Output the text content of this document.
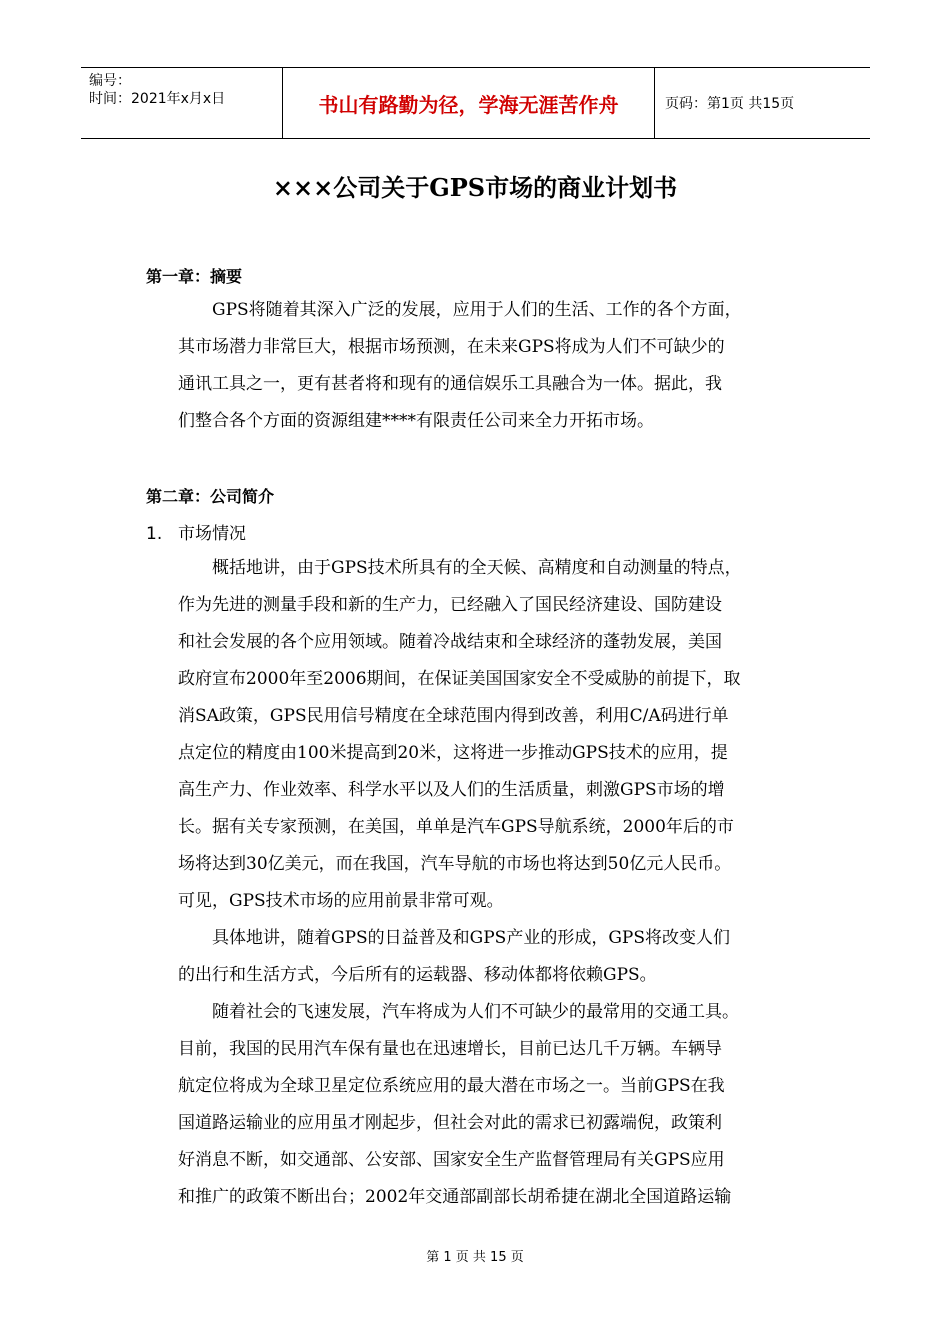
编号：
时间：2021年x月x日	书山有路勤为径，学海无涯苦作舟	页码：第1页 共15页
×××公司关于GPS市场的商业计划书
第一章：摘要
GPS将随着其深入广泛的发展，应用于人们的生活、工作的各个方面，
其市场潜力非常巨大，根据市场预测，在未来GPS将成为人们不可缺少的
通讯工具之一，更有甚者将和现有的通信娱乐工具融合为一体。据此，我
们整合各个方面的资源组建****有限责任公司来全力开拓市场。
第二章：公司简介
1. 市场情况
概括地讲，由于GPS技术所具有的全天候、高精度和自动测量的特点，
作为先进的测量手段和新的生产力，已经融入了国民经济建设、国防建设
和社会发展的各个应用领域。随着冷战结束和全球经济的蓬勃发展，美国
政府宣布2000年至2006期间，在保证美国国家安全不受威胁的前提下，取
消SA政策，GPS民用信号精度在全球范围内得到改善，利用C/A码进行单
点定位的精度由100米提高到20米，这将进一步推动GPS技术的应用，提
高生产力、作业效率、科学水平以及人们的生活质量，刺激GPS市场的增
长。据有关专家预测，在美国，单单是汽车GPS导航系统，2000年后的市
场将达到30亿美元，而在我国，汽车导航的市场也将达到50亿元人民币。
可见，GPS技术市场的应用前景非常可观。
具体地讲，随着GPS的日益普及和GPS产业的形成，GPS将改变人们
的出行和生活方式，今后所有的运载器、移动体都将依赖GPS。
随着社会的飞速发展，汽车将成为人们不可缺少的最常用的交通工具。
目前，我国的民用汽车保有量也在迅速增长，目前已达几千万辆。车辆导
航定位将成为全球卫星定位系统应用的最大潜在市场之一。当前GPS在我
国道路运输业的应用虽才刚起步，但社会对此的需求已初露端倪，政策利
好消息不断，如交通部、公安部、国家安全生产监督管理局有关GPS应用
和推广的政策不断出台；2002年交通部副部长胡希捷在湖北全国道路运输
第 1 页 共 15 页
